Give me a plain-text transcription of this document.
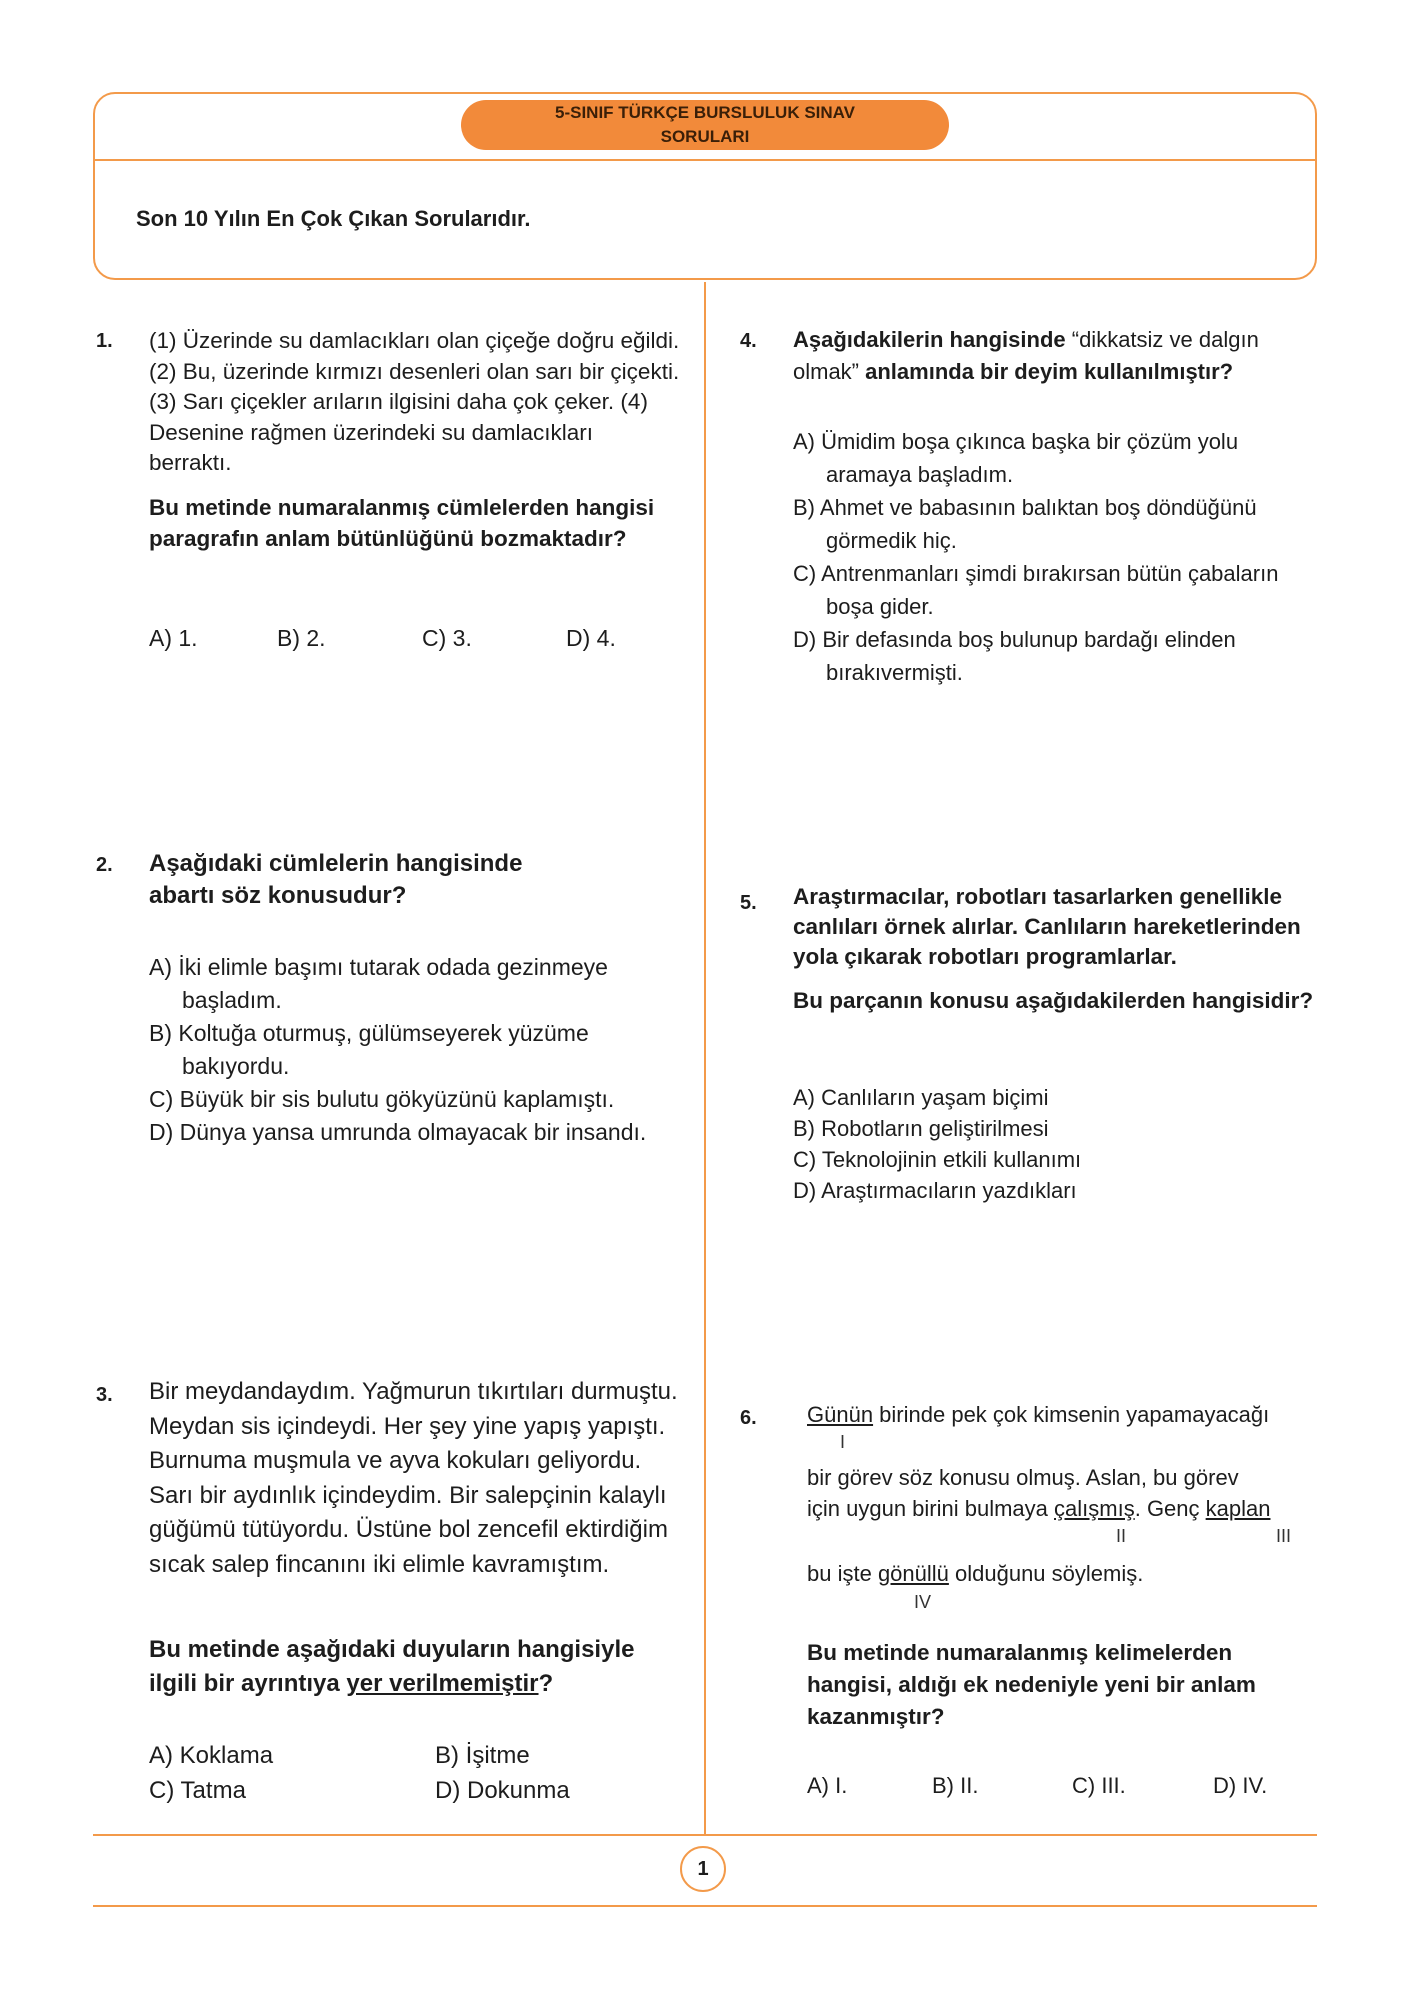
5-SINIF TÜRKÇE BURSLULUK SINAV
SORULARI
Son 10 Yılın En Çok Çıkan Sorularıdır.
1
1. (1) Üzerinde su damlacıkları olan çiçeğe doğru eğildi. (2) Bu, üzerinde kırmızı desenleri olan sarı bir çiçekti. (3) Sarı çiçekler arıların ilgisini daha çok çeker. (4) Desenine rağmen üzerindeki su damlacıkları berraktı.
Bu metinde numaralanmış cümlelerden hangisi paragrafın anlam bütünlüğünü bozmaktadır?
A) 1.	B) 2.	C) 3.	D) 4.
2. Aşağıdaki cümlelerin hangisinde abartı söz konusudur?
A) İki elimle başımı tutarak odada gezinmeye başladım.
B) Koltuğa oturmuş, gülümseyerek yüzüme bakıyordu.
C) Büyük bir sis bulutu gökyüzünü kaplamıştı.
D) Dünya yansa umrunda olmayacak bir insandı.
3. Bir meydandaydım. Yağmurun tıkırtıları durmuştu. Meydan sis içindeydi. Her şey yine yapış yapıştı. Burnuma muşmula ve ayva kokuları geliyordu. Sarı bir aydınlık içindeydim. Bir salepçinin kalaylı güğümü tütüyordu. Üstüne bol zencefil ektirdiğim sıcak salep fincanını iki elimle kavramıştım.
Bu metinde aşağıdaki duyuların hangisiyle ilgili bir ayrıntıya yer verilmemiştir?
A) Koklama	B) İşitme
C) Tatma	D) Dokunma
4. Aşağıdakilerin hangisinde “dikkatsiz ve dalgın olmak” anlamında bir deyim kullanılmıştır?
A) Ümidim boşa çıkınca başka bir çözüm yolu aramaya başladım.
B) Ahmet ve babasının balıktan boş döndüğünü görmedik hiç.
C) Antrenmanları şimdi bırakırsan bütün çabaların boşa gider.
D) Bir defasında boş bulunup bardağı elinden bırakıvermişti.
5. Araştırmacılar, robotları tasarlarken genellikle canlıları örnek alırlar. Canlıların hareketlerinden yola çıkarak robotları programlarlar.
Bu parçanın konusu aşağıdakilerden hangisidir?
A) Canlıların yaşam biçimi
B) Robotların geliştirilmesi
C) Teknolojinin etkili kullanımı
D) Araştırmacıların yazdıkları
6. Günün birinde pek çok kimsenin yapamayacağı
I
bir görev söz konusu olmuş. Aslan, bu görev
için uygun birini bulmaya çalışmış. Genç kaplan
II	III
bu işte gönüllü olduğunu söylemiş.
IV
Bu metinde numaralanmış kelimelerden hangisi, aldığı ek nedeniyle yeni bir anlam kazanmıştır?
A) I.	B) II.	C) III.	D) IV.
